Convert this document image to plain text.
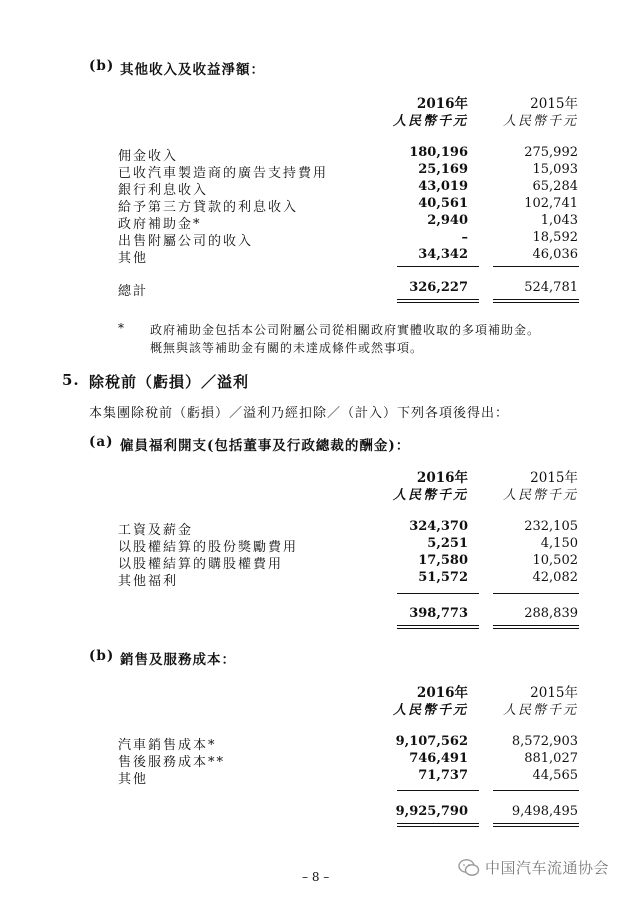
(b) 其他收入及收益淨額：
2016年	2015年
人民幣千元	人民幣千元
佣金收入	180,196	275,992
已收汽車製造商的廣告支持費用	25,169	15,093
銀行利息收入	43,019	65,284
給予第三方貸款的利息收入	40,561	102,741
政府補助金*	2,940	1,043
出售附屬公司的收入	–	18,592
其他	34,342	46,036
總計	326,227	524,781
* 政府補助金包括本公司附屬公司從相關政府實體收取的多項補助金。
概無與該等補助金有關的未達成條件或然事項。
5. 除稅前（虧損）／溢利
本集團除稅前（虧損）／溢利乃經扣除／（計入）下列各項後得出：
(a) 僱員福利開支(包括董事及行政總裁的酬金)：
2016年	2015年
人民幣千元	人民幣千元
工資及薪金	324,370	232,105
以股權結算的股份獎勵費用	5,251	4,150
以股權結算的購股權費用	17,580	10,502
其他福利	51,572	42,082
398,773	288,839
(b) 銷售及服務成本：
2016年	2015年
人民幣千元	人民幣千元
汽車銷售成本*	9,107,562	8,572,903
售後服務成本**	746,491	881,027
其他	71,737	44,565
9,925,790	9,498,495
– 8 –	中国汽车流通协会
